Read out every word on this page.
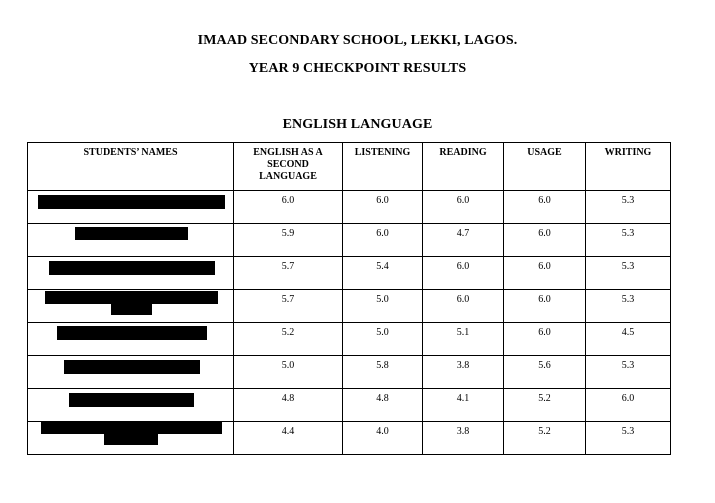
IMAAD SECONDARY SCHOOL, LEKKI, LAGOS.
YEAR 9 CHECKPOINT RESULTS
ENGLISH LANGUAGE
STUDENTS’ NAMES	ENGLISH AS A SECOND LANGUAGE	LISTENING	READING	USAGE	WRITING

	6.0	6.0	6.0	6.0	5.3

	5.9	6.0	4.7	6.0	5.3

	5.7	5.4	6.0	6.0	5.3

	5.7	5.0	6.0	6.0	5.3

	5.2	5.0	5.1	6.0	4.5

	5.0	5.8	3.8	5.6	5.3

	4.8	4.8	4.1	5.2	6.0

	4.4	4.0	3.8	5.2	5.3
